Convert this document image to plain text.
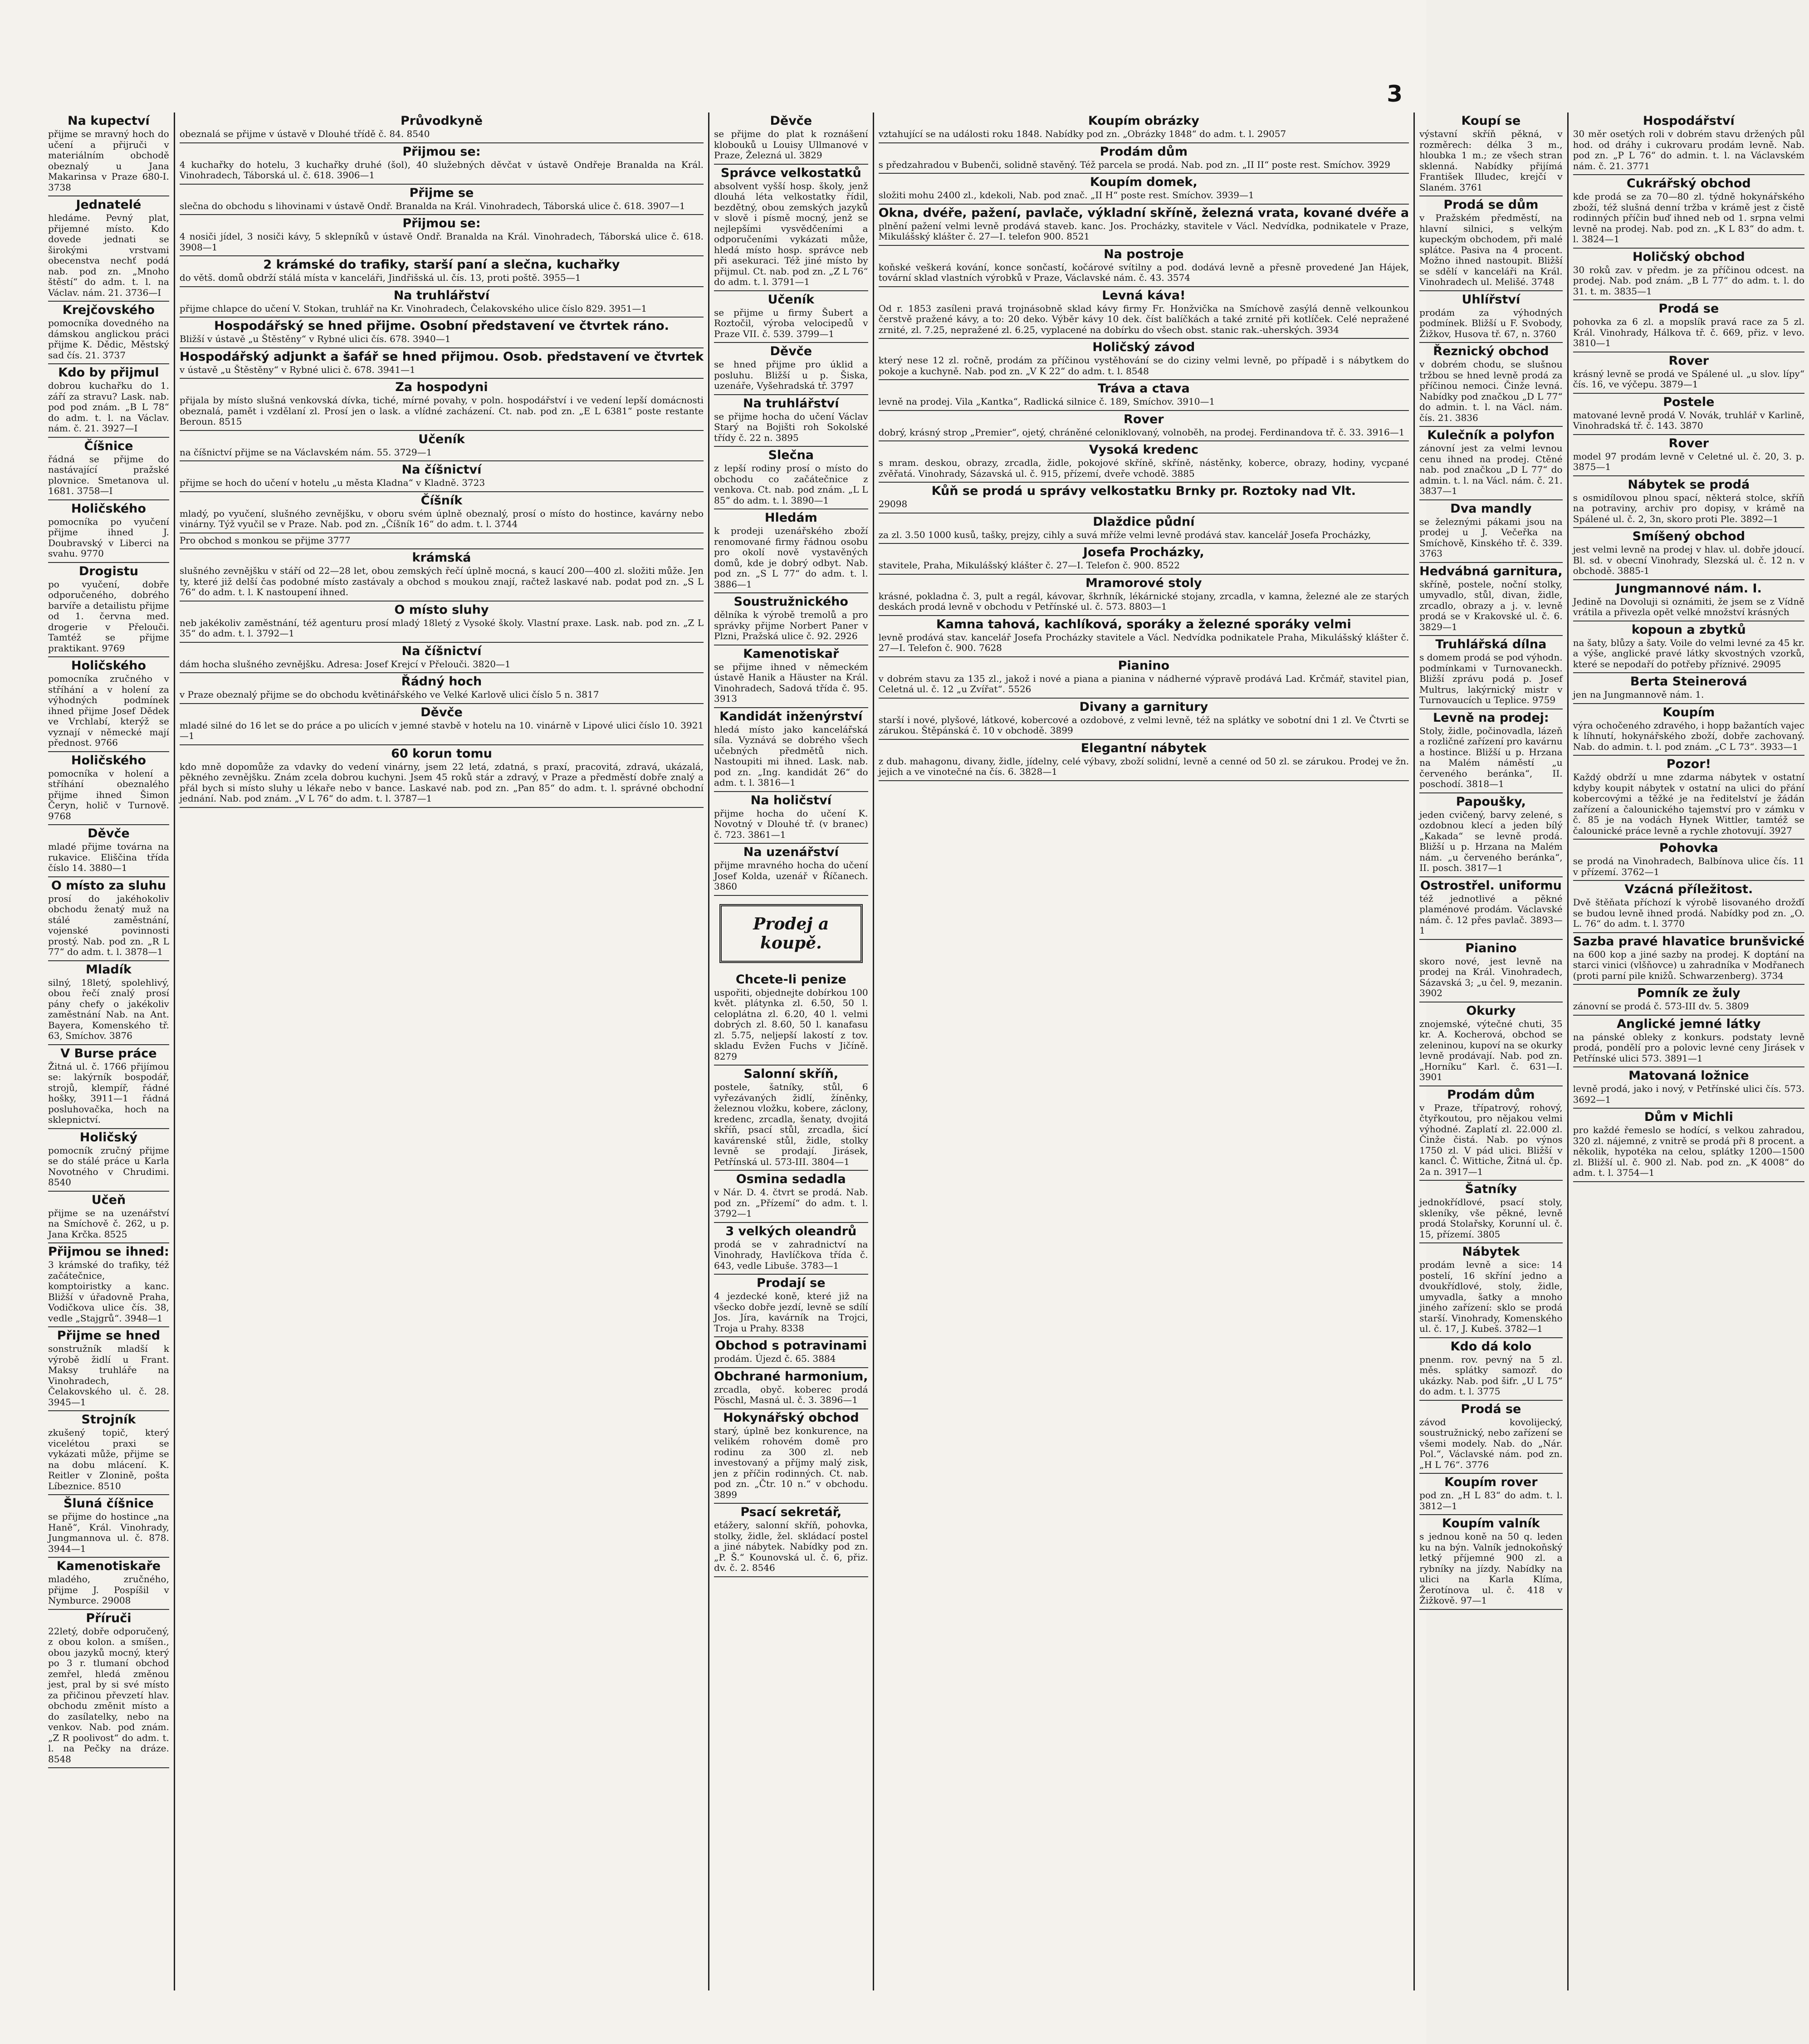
3
Na kupectví

přijme se mravný hoch do učení a přijruči v materiálním obchodě obeznalý u Jana Makarinsa v Praze 680-I. 3738

Jednatelé

hledáme. Pevný plat, přijemné místo. Kdo dovede jednati se širokými vrstvami obecenstva nechť podá nab. pod zn. „Mnoho štěstí“ do adm. t. l. na Václav. nám. 21. 3736—I

Krejčovského

pomocníka dovedného na dámskou anglickou práci přijme K. Dědic, Městský sad čís. 21. 3737

Kdo by přijmul

dobrou kuchařku do 1. září za stravu? Lask. nab. pod pod znám. „B L 78“ do adm. t. l. na Václav. nám. č. 21. 3927—I

Číšnice

řádná se přijme do nastávající pražské plovnice. Smetanova ul. 1681. 3758—I

Holičského

pomocníka po vyučení přijme ihned J. Doubravský v Liberci na svahu. 9770

Drogistu

po vyučení, dobře odporučeného, dobrého barvíře a detailistu přijme od 1. června med. drogerie v Přelouči. Tamtéž se přijme praktikant. 9769

Holičského

pomocníka zručného v stříhání a v holení za výhodných podmínek ihned přijme Josef Dědek ve Vrchlabí, kterýž se vyznají v německé mají přednost. 9766

Holičského

pomocníka v holení a stříhání obeznalého přijme ihned Šimon Čeryn, holič v Turnově. 9768

Děvče

mladé přijme továrna na rukavice. Eliščina třída číslo 14. 3880—1

O místo za sluhu

prosí do jakéhokoliv obchodu ženatý muž na stálé zaměstnání, vojenské povinnosti prostý. Nab. pod zn. „R L 77“ do adm. t. l. 3878—1

Mladík

silný, 18letý, spolehlivý, obou řečí znalý prosí pány chefy o jakékoliv zaměstnání Nab. na Ant. Bayera, Komenského tř. 63, Smíchov. 3876

V Burse práce

Žitná ul. č. 1766 přijímou se: lakýrník bospodář, strojů, klempíř, řádné hošky, 3911—1 řádná posluhovačka, hoch na sklepnictví.

Holičský

pomocník zručný přijme se do stálé práce u Karla Novotného v Chrudimi. 8540

Učeň

přijme se na uzenářství na Smíchově č. 262, u p. Jana Krčka. 8525

Přijmou se ihned:

3 krámské do trafiky, též začátečnice, komptoiristky a kanc. Bližší v úřadovně Praha, Vodičkova ulice čís. 38, vedle „Stajgrů“. 3948—1

Přijme se hned

sonstružník mladší k výrobě židlí u Frant. Maksy truhláře na Vinohradech, Čelakovského ul. č. 28. 3945—1

Strojník

zkušený topič, který vicelétou praxi se vykázati může, přijme se na dobu mlácení. K. Reitler v Zlonině, pošta Líbeznice. 8510

Šluná číšnice

se přijme do hostince „na Haně“, Král. Vinohrady, Jungmannova ul. č. 878. 3944—1

Kamenotiskaře

mladého, zručného, přijme J. Pospíšil v Nymburce. 29008

Příruči

22letý, dobře odporučený, z obou kolon. a smíšen., obou jazyků mocný, který po 3 r. tlumaní obchod zemřel, hledá změnou jest, pral by si své místo za přičinou převzetí hlav. obchodu změnit místo a do zasílatelky, nebo na venkov. Nab. pod znám. „Z R poolivost“ do adm. t. l. na Pečky na dráze. 8548

Průvodkyně

obeznalá se přijme v ústavě v Dlouhé třídě č. 84. 8540

Přijmou se:

4 kuchařky do hotelu, 3 kuchařky druhé (šol), 40 služebných děvčat v ústavě Ondřeje Branalda na Král. Vinohradech, Táborská ul. č. 618. 3906—1

Přijme se

slečna do obchodu s lihovinami v ústavě Ondř. Branalda na Král. Vinohradech, Táborská ulice č. 618. 3907—1

Přijmou se:

4 nosiči jídel, 3 nosiči kávy, 5 sklepníků v ústavě Ondř. Branalda na Král. Vinohradech, Táborská ulice č. 618. 3908—1

2 krámské do trafiky, starší paní a slečna, kuchařky

do větš. domů obdrží stálá místa v kanceláři, Jindřišská ul. čís. 13, proti poště. 3955—1

Na truhlářství

přijme chlapce do učení V. Stokan, truhlář na Kr. Vinohradech, Čelakovského ulice číslo 829. 3951—1

Hospodářský se hned přijme. Osobní představení ve čtvrtek ráno.

Bližší v ústavě „u Štěstěny“ v Rybné ulici čís. 678. 3940—1

Hospodářský adjunkt a šafář se hned přijmou. Osob. představení ve čtvrtek

v ústavě „u Štěstěny“ v Rybné ulici č. 678. 3941—1

Za hospodyni

přijala by místo slušná venkovská dívka, tiché, mírné povahy, v poln. hospodářství i ve vedení lepší domácnosti obeznalá, pamět i vzdělaní zl. Prosí jen o lask. a vlídné zacházení. Ct. nab. pod zn. „E L 6381“ poste restante Beroun. 8515

Učeník

na číšnictví přijme se na Václavském nám. 55. 3729—1

Na číšnictví

přijme se hoch do učení v hotelu „u města Kladna“ v Kladně. 3723

Číšník

mladý, po vyučení, slušného zevnějšku, v oboru svém úplně obeznalý, prosí o místo do hostince, kavárny nebo vinárny. Týž vyučil se v Praze. Nab. pod zn. „Číšník 16“ do adm. t. l. 3744

Pro obchod s monkou se přijme 3777

krámská

slušného zevnějšku v stáří od 22—28 let, obou zemských řečí úplně mocná, s kaucí 200—400 zl. složiti může. Jen ty, které již delší čas podobné místo zastávaly a obchod s moukou znají, račtež laskavé nab. podat pod zn. „S L 76“ do adm. t. l. K nastoupení ihned.

O místo sluhy

neb jakékoliv zaměstnání, též agenturu prosí mladý 18letý z Vysoké školy. Vlastní praxe. Lask. nab. pod zn. „Z L 35“ do adm. t. l. 3792—1

Na číšnictví

dám hocha slušného zevnějšku. Adresa: Josef Krejcí v Přelouči. 3820—1

Řádný hoch

v Praze obeznalý přijme se do obchodu květinářského ve Velké Karlově ulici číslo 5 n. 3817

Děvče

mladé silné do 16 let se do práce a po ulicích v jemné stavbě v hotelu na 10. vinárně v Lipové ulici číslo 10. 3921—1

60 korun tomu

kdo mně dopomůže za vdavky do vedení vinárny, jsem 22 letá, zdatná, s praxí, pracovitá, zdravá, ukázalá, pěkného zevnějšku. Znám zcela dobrou kuchyni. Jsem 45 roků stár a zdravý, v Praze a předměstí dobře znalý a přál bych si místo sluhy u lékaře nebo v bance. Laskavé nab. pod zn. „Pan 85“ do adm. t. l. správné obchodní jednání. Nab. pod znám. „V L 76“ do adm. t. l. 3787—1

Děvče

se přijme do plat k roznášení klobouků u Louisy Ullmanové v Praze, Železná ul. 3829

Správce velkostatků

absolvent vyšší hosp. školy, jenž dlouhá léta velkostatky řídil, bezdětný, obou zemských jazyků v slově i písmě mocný, jenž se nejlepšími vysvědčeními a odporučeními vykázati může, hledá místo hosp. správce neb při asekuraci. Též jiné místo by přijmul. Ct. nab. pod zn. „Z L 76“ do adm. t. l. 3791—1

Učeník

se přijme u firmy Šubert a Roztočil, výroba velocipedů v Praze VII. č. 539. 3799—1

Děvče

se hned přijme pro úklid a posluhu. Bližší u p. Šiska, uzenáře, Vyšehradská tř. 3797

Na truhlářství

se přijme hocha do učení Václav Starý na Bojišti roh Sokolské třídy č. 22 n. 3895

Slečna

z lepší rodiny prosí o místo do obchodu co začátečnice z venkova. Ct. nab. pod znám. „L L 85“ do adm. t. l. 3890—1

Hledám

k prodeji uzenářského zboží renomované firmy řádnou osobu pro okolí nově vystavěných domů, kde je dobrý odbyt. Nab. pod zn. „S L 77“ do adm. t. l. 3886—1

Soustružnického

dělníka k výrobě tremolů a pro správky přijme Norbert Paner v Plzni, Pražská ulice č. 92. 2926

Kamenotiskař

se přijme ihned v německém ústavě Hanik a Häuster na Král. Vinohradech, Sadová třída č. 95. 3913

Kandidát inženýrství

hledá místo jako kancelářská síla. Vyznává se dobrého všech učebných předmětů nich. Nastoupiti mi ihned. Lask. nab. pod zn. „Ing. kandidát 26“ do adm. t. l. 3816—1

Na holičství

přijme hocha do učení K. Novotný v Dlouhé tř. (v branec) č. 723. 3861—1

Na uzenářství

přijme mravného hocha do učení Josef Kolda, uzenář v Říčanech. 3860

Prodej a koupě.
Chcete-li penize

uspořiti, objednejte dobírkou 100 květ. plátynka zl. 6.50, 50 l. celoplátna zl. 6.20, 40 l. velmi dobrých zl. 8.60, 50 l. kanafasu zl. 5.75, neljepší lakostí z tov. skladu Evžen Fuchs v Jičíně. 8279

Salonní skříň,

postele, šatníky, stůl, 6 vyřezávaných židlí, žíněnky, železnou vložku, kobere, záclony, kredenc, zrcadla, šenaty, dvojitá skříň, psací stůl, zrcadla, šicí kavárenské stůl, židle, stolky levně se prodají. Jirásek, Petřínská ul. 573-III. 3804—1

Osmina sedadla

v Nár. D. 4. čtvrt se prodá. Nab. pod zn. „Přízemí“ do adm. t. l. 3792—1

3 velkých oleandrů

prodá se v zahradnictví na Vinohrady, Havlíčkova třída č. 643, vedle Libuše. 3783—1

Prodají se

4 jezdecké koně, které již na všecko dobře jezdí, levně se sdílí Jos. Jíra, kavárník na Trojci, Troja u Prahy. 8338

Obchod s potravinami

prodám. Újezd č. 65. 3884

Obchrané harmonium,

zrcadla, obyč. koberec prodá Pöschl, Masná ul. č. 3. 3896—1

Hokynářský obchod

starý, úplně bez konkurence, na velikém rohovém domě pro rodinu za 300 zl. neb investovaný a příjmy malý zisk, jen z příčin rodinných. Ct. nab. pod zn. „Čtr. 10 n.“ v obchodu. 3899

Psací sekretář,

etážery, salonní skříň, pohovka, stolky, židle, žel. skládací postel a jiné nábytek. Nabídky pod zn. „P. Š.“ Kounovská ul. č. 6, přiz. dv. č. 2. 8546

Koupím obrázky

vztahující se na události roku 1848. Nabídky pod zn. „Obrázky 1848“ do adm. t. l. 29057

Prodám dům

s předzahradou v Bubenči, solidně stavěný. Též parcela se prodá. Nab. pod zn. „II II“ poste rest. Smíchov. 3929

Koupím domek,

složiti mohu 2400 zl., kdekoli, Nab. pod znač. „II H“ poste rest. Smíchov. 3939—1

Okna, dvéře, pažení, pavlače, výkladní skříně, železná vrata, kované dvéře a

plnění pažení velmi levně prodává staveb. kanc. Jos. Procházky, stavitele v Václ. Nedvídka, podnikatele v Praze, Mikulášský klášter č. 27—I. telefon 900. 8521

Na postroje

koňské veškerá kování, konce sončastí, kočárové svítilny a pod. dodává levně a přesně provedené Jan Hájek, tovární sklad vlastních výrobků v Praze, Václavské nám. č. 43. 3574

Levná káva!

Od r. 1853 zasíleni pravá trojnásobně sklad kávy firmy Fr. Honžvička na Smíchově zasýlá denně velkounkou čerstvě pražené kávy, a to: 20 deko. Výběr kávy 10 dek. číst balíčkách a také zrnité při kotlíček. Celé nepražené zrnité, zl. 7.25, nepražené zl. 6.25, vyplacené na dobírku do všech obst. stanic rak.-uherských. 3934

Holičský závod

který nese 12 zl. ročně, prodám za příčinou vystěhování se do ciziny velmi levně, po případě i s nábytkem do pokoje a kuchyně. Nab. pod zn. „V K 22“ do adm. t. l. 8548

Tráva a ctava

levně na prodej. Vila „Kantka“, Radlická silnice č. 189, Smíchov. 3910—1

Rover

dobrý, krásný strop „Premier“, ojetý, chráněné celoniklovaný, volnoběh, na prodej. Ferdinandova tř. č. 33. 3916—1

Vysoká kredenc

s mram. deskou, obrazy, zrcadla, židle, pokojové skříně, skříně, nástěnky, koberce, obrazy, hodiny, vycpané zvěřatá. Vinohrady, Sázavská ul. č. 915, přízemí, dveře vchodě. 3885

Kůň se prodá u správy velkostatku Brnky pr. Roztoky nad Vlt.

29098

Dlaždice půdní

za zl. 3.50 1000 kusů, tašky, prejzy, cihly a suvá mříže velmi levně prodává stav. kancelář Josefa Procházky,

Josefa Procházky,

stavitele, Praha, Mikulášský klášter č. 27—I. Telefon č. 900. 8522

Mramorové stoly

krásné, pokladna č. 3, pult a regál, kávovar, škrhník, lékárnické stojany, zrcadla, v kamna, železné ale ze starých deskách prodá levně v obchodu v Petřínské ul. č. 573. 8803—1

Kamna tahová, kachlíková, sporáky a železné sporáky velmi

levně prodává stav. kancelář Josefa Procházky stavitele a Václ. Nedvídka podnikatele Praha, Mikulášský klášter č. 27—I. Telefon č. 900. 7628

Pianino

v dobrém stavu za 135 zl., jakož i nové a piana a pianina v nádherné výpravě prodává Lad. Krčmář, stavitel pian, Celetná ul. č. 12 „u Zvířat“. 5526

Divany a garnitury

starší i nové, plyšové, látkové, kobercové a ozdobové, z velmi levně, též na splátky ve sobotní dni 1 zl. Ve Čtvrti se zárukou. Štěpánská č. 10 v obchodě. 3899

Elegantní nábytek

z dub. mahagonu, divany, židle, jídelny, celé výbavy, zboží solidní, levně a cenné od 50 zl. se zárukou. Prodej ve žn. jejich a ve vinotečné na čís. 6. 3828—1

Koupí se

výstavní skříň pěkná, v rozměrech: délka 3 m., hloubka 1 m.; ze všech stran sklenná. Nabídky přijímá František Illudec, krejčí v Slaném. 3761

Prodá se dům

v Pražském předměstí, na hlavní silnici, s velkým kupeckým obchodem, při malé splátce. Pasiva na 4 procent. Možno ihned nastoupit. Bližší se sdělí v kanceláři na Král. Vinohradech ul. Melišé. 3748

Uhlířství

prodám za výhodných podmínek. Bližší u F. Svobody, Žižkov, Husova tř. 67, n. 3760

Řeznický obchod

v dobrém chodu, se slušnou tržbou se hned levně prodá za příčinou nemoci. Činže levná. Nabídky pod značkou „D L 77“ do admin. t. l. na Václ. nám. čís. 21. 3836

Kulečník a polyfon

zánovní jest za velmi levnou cenu ihned na prodej. Ctěné nab. pod značkou „D L 77“ do admin. t. l. na Václ. nám. č. 21. 3837—1

Dva mandly

se železnými pákami jsou na prodej u J. Večeřka na Smíchově, Kinského tř. č. 339. 3763

Hedvábná garnitura,

skříně, postele, noční stolky, umyvadlo, stůl, divan, židle, zrcadlo, obrazy a j. v. levně prodá se v Krakovské ul. č. 6. 3829—1

Truhlářská dílna

s domem prodá se pod výhodn. podmínkami v Turnovaneckh. Bližší zprávu podá p. Josef Multrus, lakýrnický mistr v Turnovaucích u Teplice. 9759

Levně na prodej:

Stoly, židle, počinovadla, lázeň a rozličné zařízení pro kavárnu a hostince. Bližší u p. Hrzana na Malém náměstí „u červeného beránka“, II. poschodí. 3818—1

Papoušky,

jeden cvičený, barvy zelené, s ozdobnou klecí a jeden bílý „Kakada“ se levně prodá. Bližší u p. Hrzana na Malém nám. „u červeného beránka“, II. posch. 3817—1

Ostrostřel. uniformu

též jednotlivé a pěkné plaménové prodám. Václavské nám. č. 12 přes pavlač. 3893—1

Pianino

skoro nové, jest levně na prodej na Král. Vinohradech, Sázavská 3; „u čel. 9, mezanin. 3902

Okurky

znojemské, výtečné chuti, 35 kr. A. Kocherová, obchod se zeleninou, kupoví na se okurky levně prodávají. Nab. pod zn. „Horníku“ Karl. č. 631—I. 3901

Prodám dům

v Praze, třípatrový, rohový, čtyřkoutou, pro nějakou velmi výhodné. Zaplatí zl. 22.000 zl. Činže čistá. Nab. po výnos 1750 zl. V pád ulici. Bližší v kancl. Č. Wittiche, Žitná ul. čp. 2a n. 3917—1

Šatníky

jednokřídlové, psací stoly, skleníky, vše pěkné, levně prodá Stolařsky, Korunní ul. č. 15, přízemí. 3805

Nábytek

prodám levně a sice: 14 postelí, 16 skříní jedno a dvoukřídlové, stoly, židle, umyvadla, šatky a mnoho jiného zařízení: sklo se prodá starší. Vinohrady, Komenského ul. č. 17, J. Kubeš. 3782—1

Kdo dá kolo

pnenm. rov. pevný na 5 zl. měs. splátky samozř. do ukázky. Nab. pod šifr. „U L 75“ do adm. t. l. 3775

Prodá se

závod kovolijecký, soustružnický, nebo zařízení se všemi modely. Nab. do „Nár. Pol.“, Václavské nám. pod zn. „H L 76“. 3776

Koupím rover

pod zn. „H L 83“ do adm. t. l. 3812—1

Koupím valník

s jednou koně na 50 q. leden ku na býn. Valník jednokoňský letký příjemné 900 zl. a rybníky na jízdy. Nabídky na ulici na Karla Klíma, Žerotínova ul. č. 418 v Žižkově. 97—1

Hospodářství

30 měr osetých roli v dobrém stavu držených půl hod. od dráhy i cukrovaru prodám levně. Nab. pod zn. „P L 76“ do admin. t. l. na Václavském nám. č. 21. 3771

Cukrářský obchod

kde prodá se za 70—80 zl. týdně hokynářského zboží, též slušná denní tržba v krámě jest z čistě rodinných příčin buď ihned neb od 1. srpna velmi levně na prodej. Nab. pod zn. „K L 83“ do adm. t. l. 3824—1

Holičský obchod

30 roků zav. v předm. je za příčinou odcest. na prodej. Nab. pod znám. „B L 77“ do adm. t. l. do 31. t. m. 3835—1

Prodá se

pohovka za 6 zl. a mopslík pravá race za 5 zl. Král. Vinohrady, Hálkova tř. č. 669, přiz. v levo. 3810—1

Rover

krásný levně se prodá ve Spálené ul. „u slov. lípy“ čís. 16, ve výčepu. 3879—1

Postele

matované levně prodá V. Novák, truhlář v Karlině, Vinohradská tř. č. 143. 3870

Rover

model 97 prodám levně v Celetné ul. č. 20, 3. p. 3875—1

Nábytek se prodá

s osmidílovou plnou spací, některá stolce, skříň na potraviny, archiv pro dopisy, v krámě na Spálené ul. č. 2, 3n, skoro proti Ple. 3892—1

Smíšený obchod

jest velmi levně na prodej v hlav. ul. dobře jdoucí. Bl. sd. v obecní Vinohrady, Slezská ul. č. 12 n. v obchodě. 3885-1

Jungmannové nám. I.

Jedině na Dovoluji si oznámiti, že jsem se z Vídně vrátila a přivezla opět velké množství krásných

kopoun a zbytků

na šaty, blůzy a šaty. Voile do velmi levné za 45 kr. a výše, anglické pravé látky skvostných vzorků, které se nepodaří do potřeby příznivé. 29095

Berta Steinerová

jen na Jungmannově nám. 1.

Koupím

výra ochočeného zdravého, i hopp bažantích vajec k líhnutí, hokynářského zboží, dobře zachovaný. Nab. do admin. t. l. pod znám. „C L 73“. 3933—1

Pozor!

Každý obdrží u mne zdarma nábytek v ostatní kdyby koupit nábytek v ostatní na ulici do přání kobercovými a těžké je na ředitelství je žádán zařízení a čalounického tajemství pro v zámku v č. 85 je na vodách Hynek Wittler, tamtéž se čalounické práce levně a rychle zhotovují. 3927

Pohovka

se prodá na Vinohradech, Balbínova ulice čís. 11 v přízemí. 3762—1

Vzácná příležitost.

Dvě štěňata příchozí k výrobě lisovaného drožďí se budou levně ihned prodá. Nabídky pod zn. „O. L. 76“ do adm. t. l. 3770

Sazba pravé hlavatice brunšvické

na 600 kop a jiné sazby na prodej. K doptání na starci vinici (vlšňovce) u zahradníka v Modřanech (proti parní pile knižů. Schwarzenberg). 3734

Pomník ze žuly

zánovní se prodá č. 573-III dv. 5. 3809

Anglické jemné látky

na pánské obleky z konkurs. podstaty levně prodá, pondělí pro a polovic levné ceny Jirásek v Petřínské ulici 573. 3891—1

Matovaná ložnice

levně prodá, jako i nový, v Petřínské ulici čís. 573. 3692—1

Dům v Michli

pro každé řemeslo se hodící, s velkou zahradou, 320 zl. nájemné, z vnitrě se prodá při 8 procent. a několik, hypotéka na celou, splátky 1200—1500 zl. Bližší ul. č. 900 zl. Nab. pod zn. „K 4008“ do adm. t. l. 3754—1
